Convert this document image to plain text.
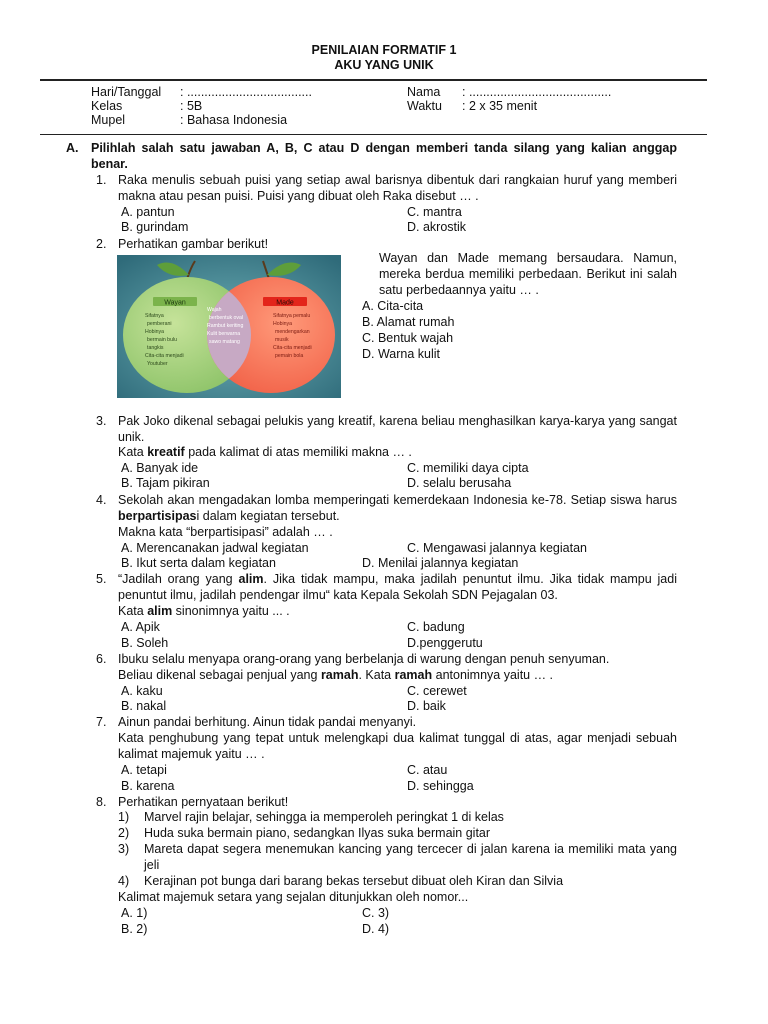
PENILAIAN FORMATIF 1
AKU YANG UNIK
Hari/Tanggal : ....................................
Kelas	: 5B
Mupel	: Bahasa Indonesia
Nama : .........................................
Waktu : 2 x 35 menit
A. Pilihlah salah satu jawaban A, B, C atau D dengan memberi tanda silang yang kalian anggap benar.
1. Raka menulis sebuah puisi yang setiap awal barisnya dibentuk dari rangkaian huruf yang memberi makna atau pesan puisi. Puisi yang dibuat oleh Raka disebut … .
A. pantun
B. gurindam
C. mantra
D. akrostik
2. Perhatikan gambar berikut!
Wayan	Made
Sifatnya
pemberani
Hobinya
bermain bulu
tangkis
Cita-cita menjadi
Youtuber
Wajah
berbentuk oval
Rambut keriting
Kulit berwarna
sawo matang
Sifatnya pemalu
Hobinya
mendengarkan
musik
Cita-cita menjadi
pemain bola
Wayan dan Made memang bersaudara. Namun, mereka berdua memiliki perbedaan. Berikut ini salah satu perbedaannya yaitu … .
A. Cita-cita
B. Alamat rumah
C. Bentuk wajah
D. Warna kulit
3. Pak Joko dikenal sebagai pelukis yang kreatif, karena beliau menghasilkan karya-karya yang sangat unik.
Kata kreatif pada kalimat di atas memiliki makna … .
A. Banyak ide
B. Tajam pikiran
C. memiliki daya cipta
D. selalu berusaha
4. Sekolah akan mengadakan lomba memperingati kemerdekaan Indonesia ke-78. Setiap siswa harus berpartisipasi dalam kegiatan tersebut.
Makna kata “berpartisipasi” adalah … .
A. Merencanakan jadwal kegiatan
B. Ikut serta dalam kegiatan
C. Mengawasi jalannya kegiatan
D. Menilai jalannya kegiatan
5. “Jadilah orang yang alim. Jika tidak mampu, maka jadilah penuntut ilmu. Jika tidak mampu jadi penuntut ilmu, jadilah pendengar ilmu“ kata Kepala Sekolah SDN Pejagalan 03.
Kata alim sinonimnya yaitu ... .
A. Apik
B. Soleh
C. badung
D.penggerutu
6. Ibuku selalu menyapa orang-orang yang berbelanja di warung dengan penuh senyuman.
Beliau dikenal sebagai penjual yang ramah. Kata ramah antonimnya yaitu … .
A. kaku
B. nakal
C. cerewet
D. baik
7. Ainun pandai berhitung. Ainun tidak pandai menyanyi.
Kata penghubung yang tepat untuk melengkapi dua kalimat tunggal di atas, agar menjadi sebuah kalimat majemuk yaitu … .
A. tetapi
B. karena
C. atau
D. sehingga
8. Perhatikan pernyataan berikut!
1) Marvel rajin belajar, sehingga ia memperoleh peringkat 1 di kelas
2) Huda suka bermain piano, sedangkan Ilyas suka bermain gitar
3) Mareta dapat segera menemukan kancing yang tercecer di jalan karena ia memiliki mata yang jeli
4) Kerajinan pot bunga dari barang bekas tersebut dibuat oleh Kiran dan Silvia
Kalimat majemuk setara yang sejalan ditunjukkan oleh nomor...
A. 1)
B. 2)
C. 3)
D. 4)
